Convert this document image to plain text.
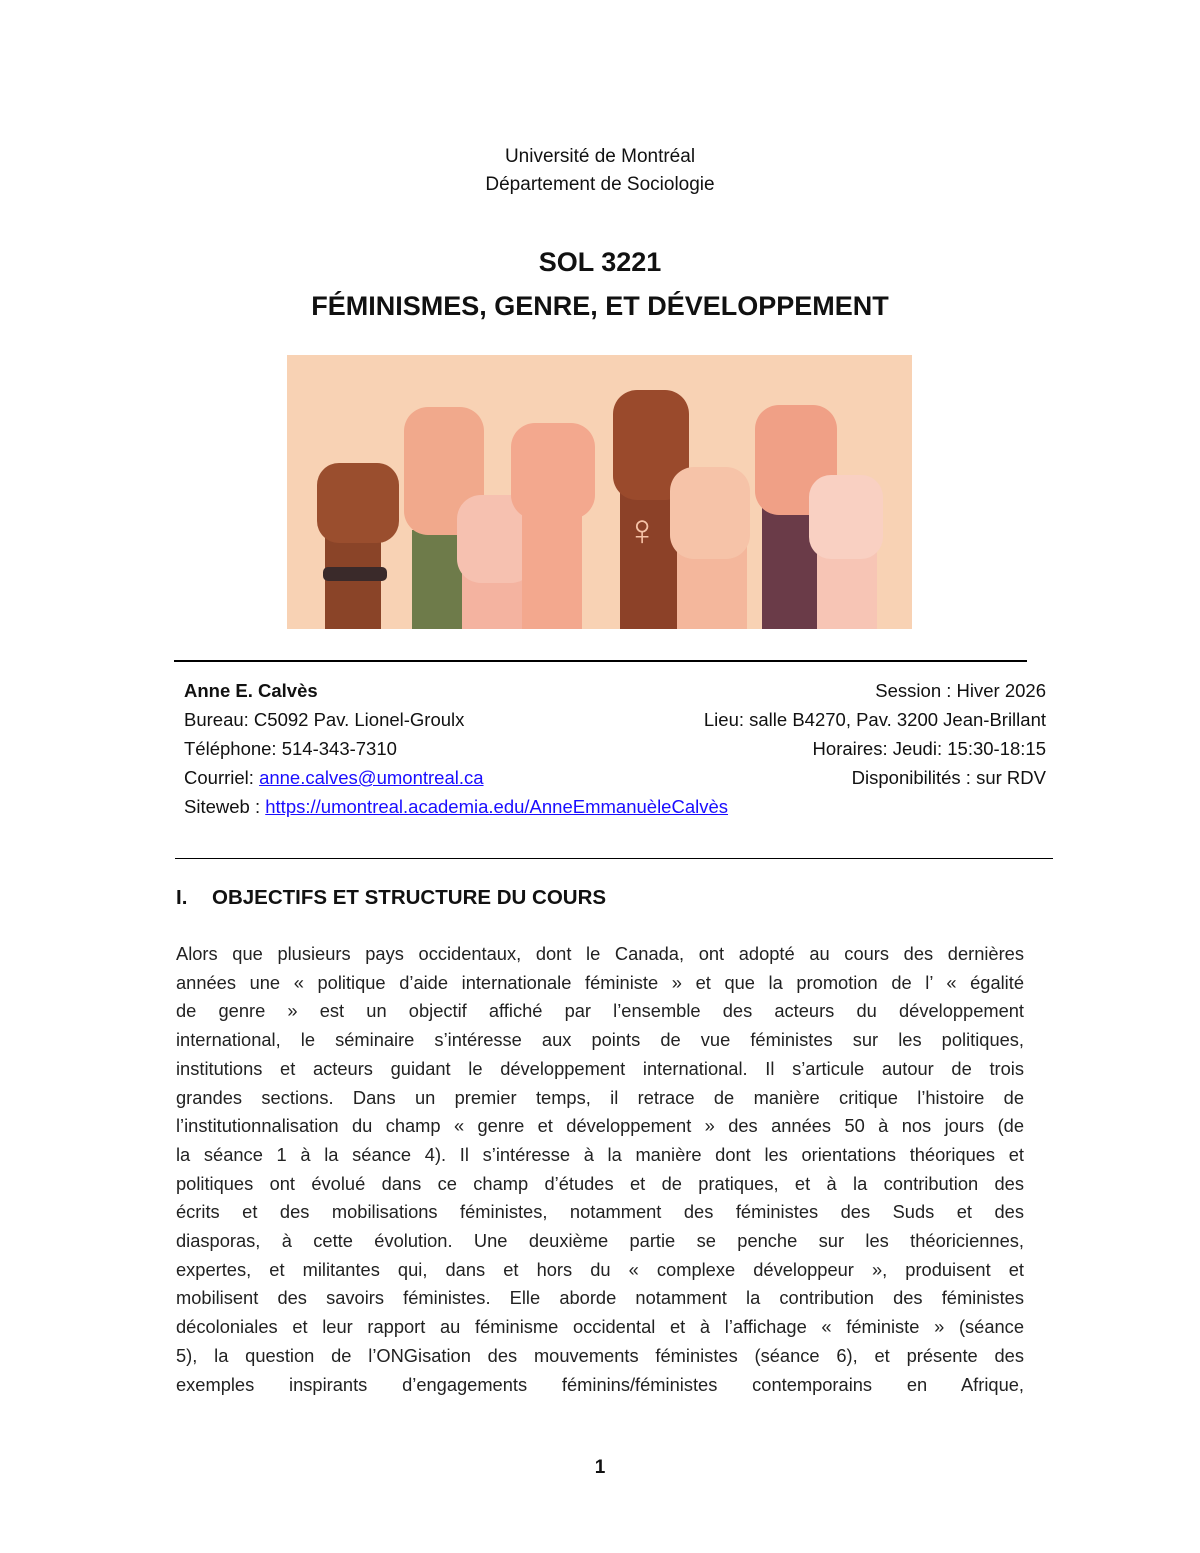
Université de Montréal
Département de Sociologie
SOL 3221
FÉMINISMES, GENRE, ET DÉVELOPPEMENT
♀
Anne E. Calvès	Session : Hiver 2026
Bureau: C5092 Pav. Lionel-Groulx	Lieu: salle B4270, Pav. 3200 Jean-Brillant
Téléphone: 514-343-7310	Horaires: Jeudi: 15:30-18:15
Courriel: anne.calves@umontreal.ca	Disponibilités : sur RDV
Siteweb : https://umontreal.academia.edu/AnneEmmanuèleCalvès
I. OBJECTIFS ET STRUCTURE DU COURS
Alors que plusieurs pays occidentaux, dont le Canada, ont adopté au cours des dernières
années une « politique d’aide internationale féministe » et que la promotion de l’ « égalité
de genre » est un objectif affiché par l’ensemble des acteurs du développement
international, le séminaire s’intéresse aux points de vue féministes sur les politiques,
institutions et acteurs guidant le développement international. Il s’articule autour de trois
grandes sections. Dans un premier temps, il retrace de manière critique l’histoire de
l’institutionnalisation du champ « genre et développement » des années 50 à nos jours (de
la séance 1 à la séance 4). Il s’intéresse à la manière dont les orientations théoriques et
politiques ont évolué dans ce champ d’études et de pratiques, et à la contribution des
écrits et des mobilisations féministes, notamment des féministes des Suds et des
diasporas, à cette évolution. Une deuxième partie se penche sur les théoriciennes,
expertes, et militantes qui, dans et hors du « complexe développeur », produisent et
mobilisent des savoirs féministes. Elle aborde notamment la contribution des féministes
décoloniales et leur rapport au féminisme occidental et à l’affichage « féministe » (séance
5), la question de l’ONGisation des mouvements féministes (séance 6), et présente des
exemples inspirants d’engagements féminins/féministes contemporains en Afrique,
1
